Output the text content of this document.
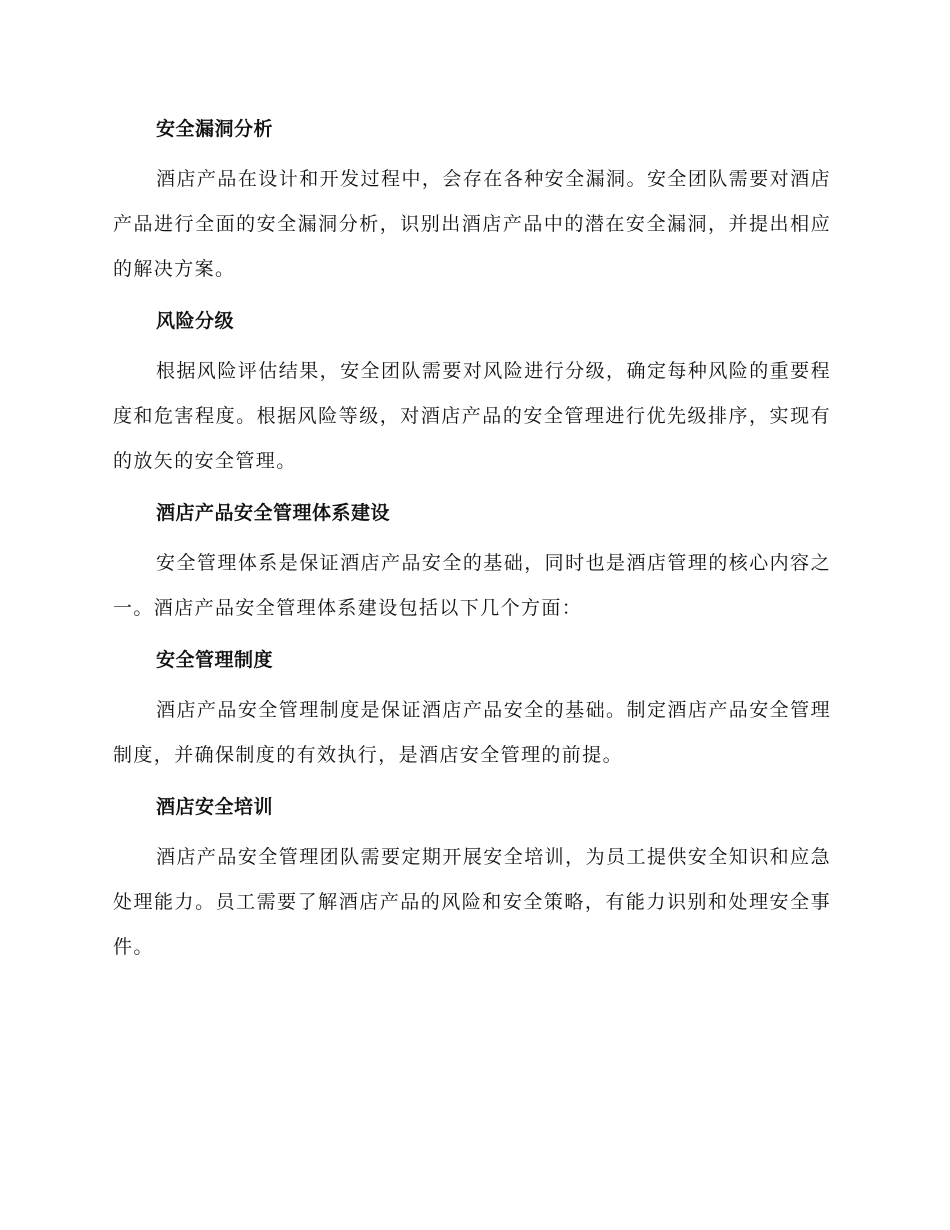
安全漏洞分析

酒店产品在设计和开发过程中，会存在各种安全漏洞。安全团队需要对酒店产品进行全面的安全漏洞分析，识别出酒店产品中的潜在安全漏洞，并提出相应的解决方案。

风险分级

根据风险评估结果，安全团队需要对风险进行分级，确定每种风险的重要程度和危害程度。根据风险等级，对酒店产品的安全管理进行优先级排序，实现有的放矢的安全管理。

酒店产品安全管理体系建设

安全管理体系是保证酒店产品安全的基础，同时也是酒店管理的核心内容之一。酒店产品安全管理体系建设包括以下几个方面：

安全管理制度

酒店产品安全管理制度是保证酒店产品安全的基础。制定酒店产品安全管理制度，并确保制度的有效执行，是酒店安全管理的前提。

酒店安全培训

酒店产品安全管理团队需要定期开展安全培训，为员工提供安全知识和应急处理能力。员工需要了解酒店产品的风险和安全策略，有能力识别和处理安全事件。
